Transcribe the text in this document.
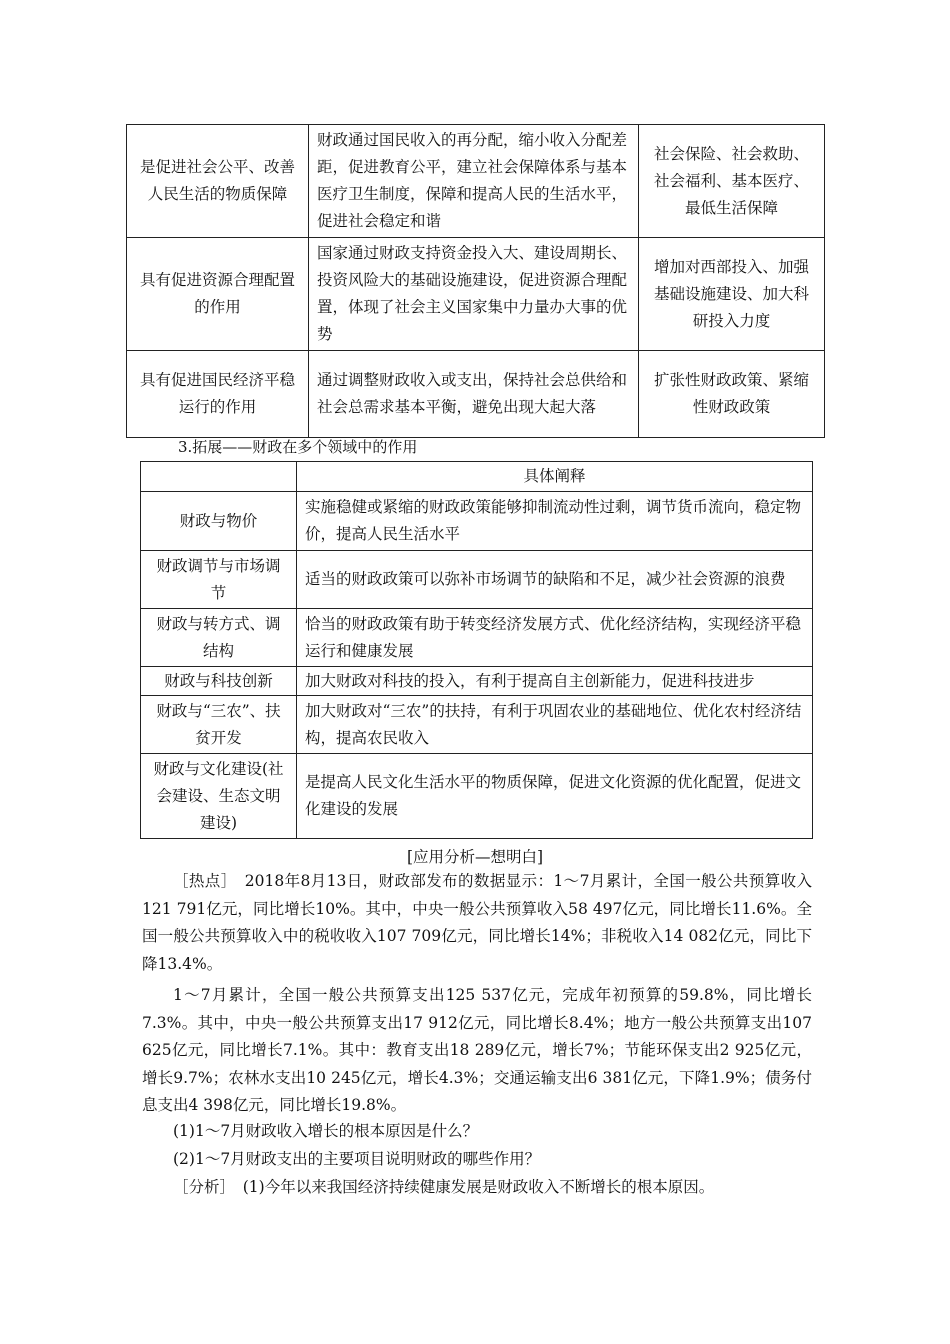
是促进社会公平、改善人民生活的物质保障	财政通过国民收入的再分配，缩小收入分配差距，促进教育公平，建立社会保障体系与基本医疗卫生制度，保障和提高人民的生活水平，促进社会稳定和谐	社会保险、社会救助、社会福利、基本医疗、最低生活保障
具有促进资源合理配置的作用	国家通过财政支持资金投入大、建设周期长、投资风险大的基础设施建设，促进资源合理配置，体现了社会主义国家集中力量办大事的优势	增加对西部投入、加强基础设施建设、加大科研投入力度
具有促进国民经济平稳运行的作用	通过调整财政收入或支出，保持社会总供给和社会总需求基本平衡，避免出现大起大落	扩张性财政政策、紧缩性财政政策
3.拓展——财政在多个领域中的作用
	具体阐释
财政与物价	实施稳健或紧缩的财政政策能够抑制流动性过剩，调节货币流向，稳定物价，提高人民生活水平
财政调节与市场调节	适当的财政政策可以弥补市场调节的缺陷和不足，减少社会资源的浪费
财政与转方式、调结构	恰当的财政政策有助于转变经济发展方式、优化经济结构，实现经济平稳运行和健康发展
财政与科技创新	加大财政对科技的投入，有利于提高自主创新能力，促进科技进步
财政与“三农”、扶贫开发	加大财政对“三农”的扶持，有利于巩固农业的基础地位、优化农村经济结构，提高农民收入
财政与文化建设(社会建设、生态文明建设)	是提高人民文化生活水平的物质保障，促进文化资源的优化配置，促进文化建设的发展
[应用分析—想明白]
［热点］　2018年8月13日，财政部发布的数据显示：1～7月累计，全国一般公共预算收入121 791亿元，同比增长10%。其中，中央一般公共预算收入58 497亿元，同比增长11.6%。全国一般公共预算收入中的税收收入107 709亿元，同比增长14%；非税收入14 082亿元，同比下降13.4%。
1～7月累计，全国一般公共预算支出125 537亿元，完成年初预算的59.8%，同比增长7.3%。其中，中央一般公共预算支出17 912亿元，同比增长8.4%；地方一般公共预算支出107 625亿元，同比增长7.1%。其中：教育支出18 289亿元，增长7%；节能环保支出2 925亿元，增长9.7%；农林水支出10 245亿元，增长4.3%；交通运输支出6 381亿元，下降1.9%；债务付息支出4 398亿元，同比增长19.8%。
(1)1～7月财政收入增长的根本原因是什么？
(2)1～7月财政支出的主要项目说明财政的哪些作用？
［分析］　(1)今年以来我国经济持续健康发展是财政收入不断增长的根本原因。
